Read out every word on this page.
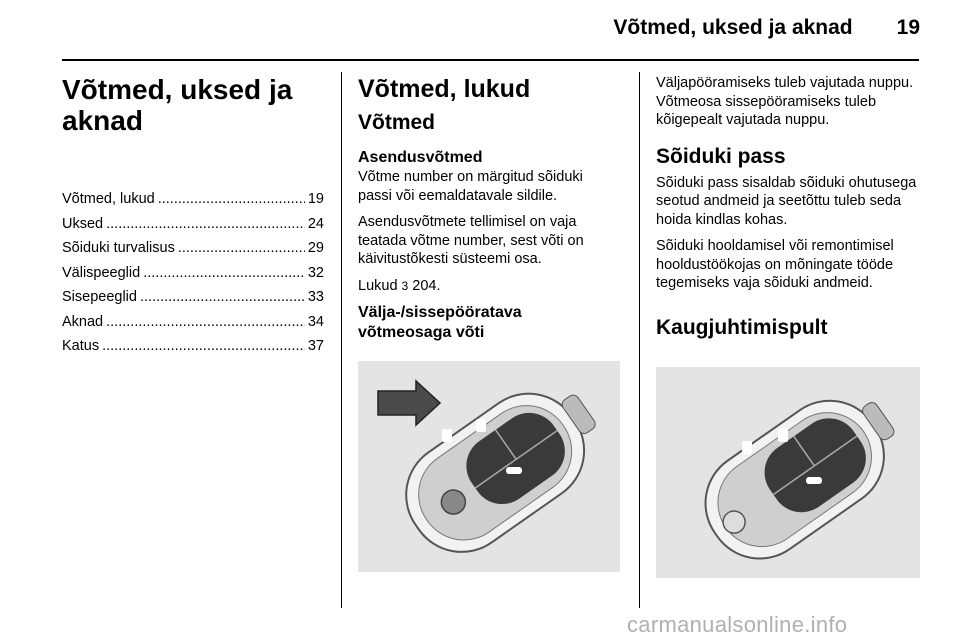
Võtmed, uksed ja aknad 19
Võtmed, uksed ja
aknad
Võtmed, lukud .....	19
Uksed .....	24
Sõiduki turvalisus .....	29
Välispeeglid .....	32
Sisepeeglid .....	33
Aknad .....	34
Katus .....	37
Võtmed, lukud
Võtmed
Asendusvõtmed

Võtme number on märgitud sõiduki passi või eemaldatavale sildile.

Asendusvõtmete tellimisel on vaja teatada võtme number, sest võti on käivitustõkesti süsteemi osa.

Lukud 3 204.

Välja-/sissepööratava
võtmeosaga võti

Väljapööramiseks tuleb vajutada nuppu. Võtmeosa sissepööramiseks tuleb kõigepealt vajutada nuppu.

Sõiduki pass

Sõiduki pass sisaldab sõiduki ohutusega seotud andmeid ja seetõttu tuleb seda hoida kindlas kohas.

Sõiduki hooldamisel või remontimisel hooldustöökojas on mõningate tööde tegemiseks vaja sõiduki andmeid.

Kaugjuhtimispult
carmanualsonline.info
